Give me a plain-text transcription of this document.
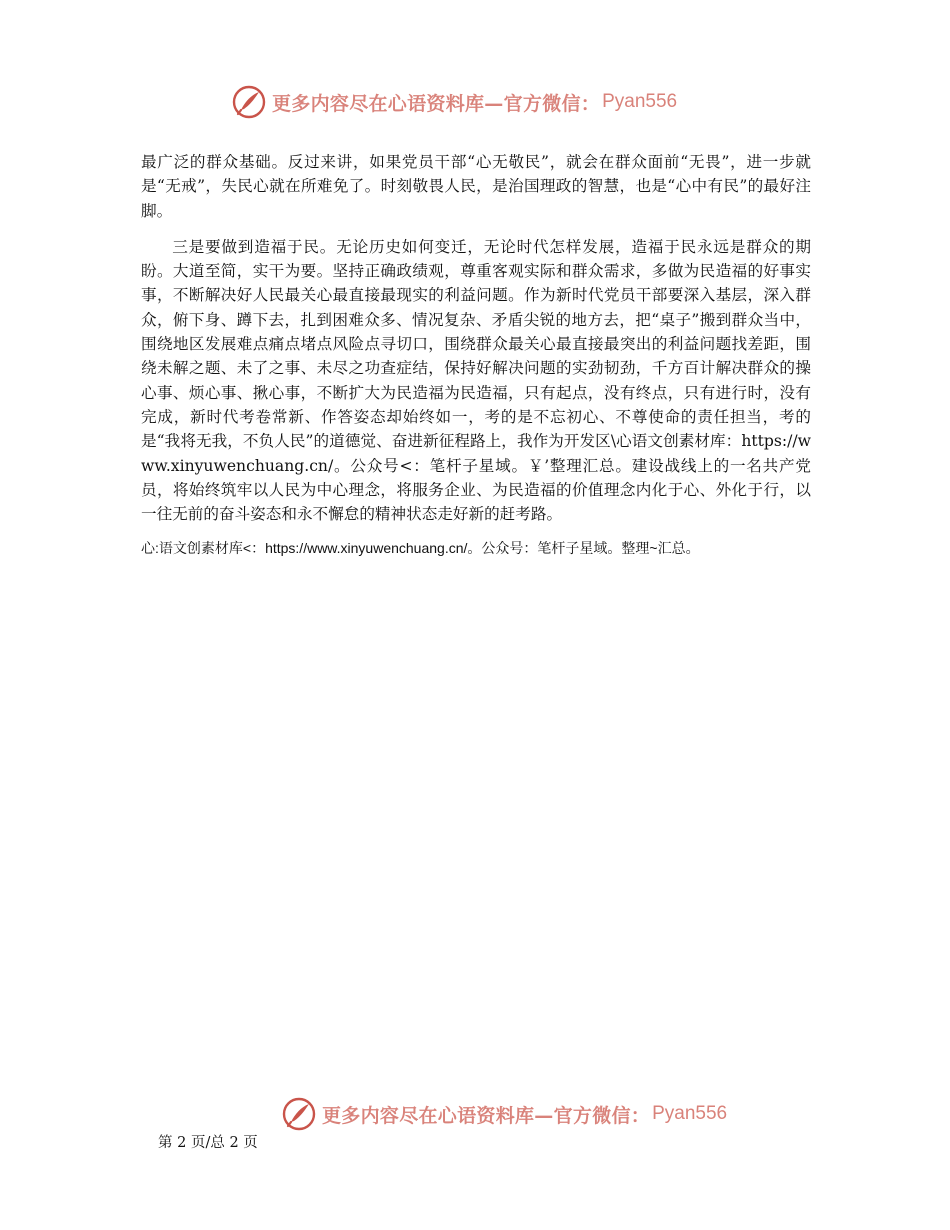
更多内容尽在心语资料库—官方微信： Pyan556

最广泛的群众基础。反过来讲，如果党员干部“心无敬民”，就会在群众面前“无畏”，进一步就是“无戒”，失民心就在所难免了。时刻敬畏人民，是治国理政的智慧，也是“心中有民”的最好注脚。

三是要做到造福于民。无论历史如何变迁，无论时代怎样发展，造福于民永远是群众的期盼。大道至简，实干为要。坚持正确政绩观，尊重客观实际和群众需求，多做为民造福的好事实事，不断解决好人民最关心最直接最现实的利益问题。作为新时代党员干部要深入基层，深入群众，俯下身、蹲下去，扎到困难众多、情况复杂、矛盾尖锐的地方去，把“桌子”搬到群众当中，围绕地区发展难点痛点堵点风险点寻切口，围绕群众最关心最直接最突出的利益问题找差距，围绕未解之题、未了之事、未尽之功查症结，保持好解决问题的实劲韧劲，千方百计解决群众的操心事、烦心事、揪心事，不断扩大为民造福为民造福，只有起点，没有终点，只有进行时，没有完成，新时代考卷常新、作答姿态却始终如一，考的是不忘初心、不尊使命的责任担当，考的是“我将无我，不负人民”的道德觉、奋进新征程路上，我作为开发区\心语文创素材库：https://www.xinyuwenchuang.cn/。公众号<：笔杆子星域。￥’整理汇总。建设战线上的一名共产党员，将始终筑牢以人民为中心理念，将服务企业、为民造福的价值理念内化于心、外化于行，以一往无前的奋斗姿态和永不懈怠的精神状态走好新的赶考路。

心:语文创素材库<：https://www.xinyuwenchuang.cn/。公众号：笔杆子星域。整理~汇总。

更多内容尽在心语资料库—官方微信： Pyan556
第 2 页/总 2 页
